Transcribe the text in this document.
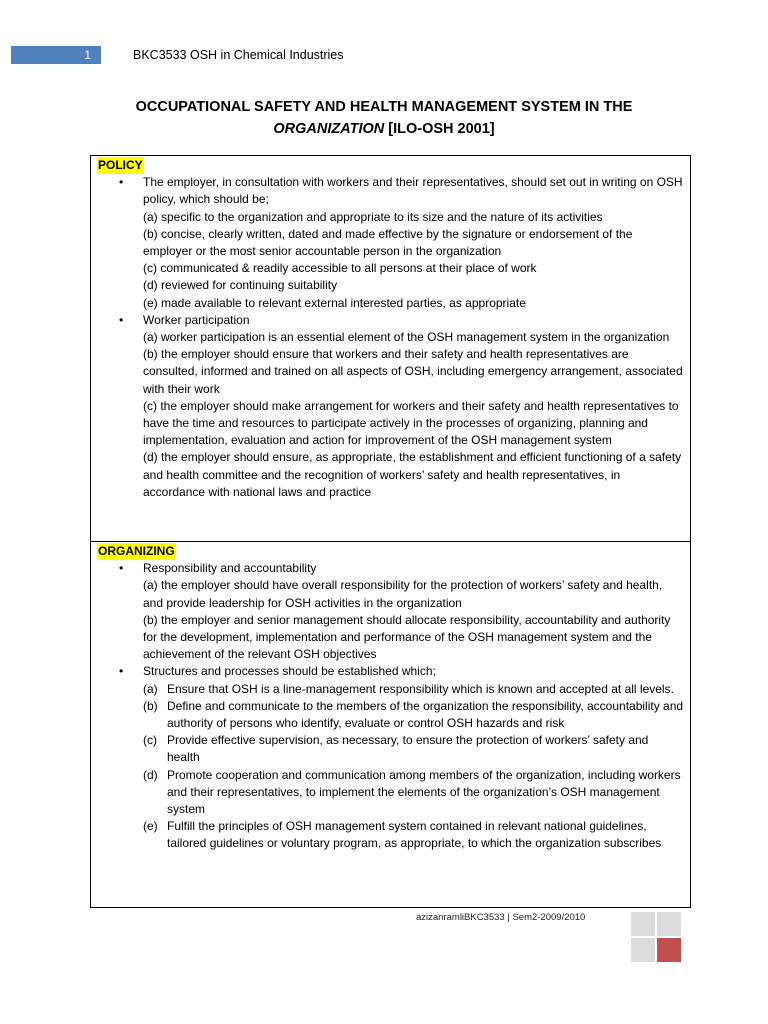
1	BKC3533 OSH in Chemical Industries
OCCUPATIONAL SAFETY AND HEALTH MANAGEMENT SYSTEM IN THE
ORGANIZATION [ILO-OSH 2001]
POLICY
• The employer, in consultation with workers and their representatives, should set out in writing on OSH policy, which should be;
(a) specific to the organization and appropriate to its size and the nature of its activities
(b) concise, clearly written, dated and made effective by the signature or endorsement of the employer or the most senior accountable person in the organization
(c) communicated & readily accessible to all persons at their place of work
(d) reviewed for continuing suitability
(e) made available to relevant external interested parties, as appropriate
• Worker participation
(a) worker participation is an essential element of the OSH management system in the organization
(b) the employer should ensure that workers and their safety and health representatives are consulted, informed and trained on all aspects of OSH, including emergency arrangement, associated with their work
(c) the employer should make arrangement for workers and their safety and health representatives to have the time and resources to participate actively in the processes of organizing, planning and implementation, evaluation and action for improvement of the OSH management system
(d) the employer should ensure, as appropriate, the establishment and efficient functioning of a safety and health committee and the recognition of workers’ safety and health representatives, in accordance with national laws and practice
ORGANIZING
• Responsibility and accountability
(a) the employer should have overall responsibility for the protection of workers’ safety and health, and provide leadership for OSH activities in the organization
(b) the employer and senior management should allocate responsibility, accountability and authority for the development, implementation and performance of the OSH management system and the achievement of the relevant OSH objectives
• Structures and processes should be established which;
(a) Ensure that OSH is a line-management responsibility which is known and accepted at all levels.
(b) Define and communicate to the members of the organization the responsibility, accountability and authority of persons who identify, evaluate or control OSH hazards and risk
(c) Provide effective supervision, as necessary, to ensure the protection of workers’ safety and health
(d) Promote cooperation and communication among members of the organization, including workers and their representatives, to implement the elements of the organization’s OSH management system
(e) Fulfill the principles of OSH management system contained in relevant national guidelines, tailored guidelines or voluntary program, as appropriate, to which the organization subscribes
azizanramliBKC3533 | Sem2-2009/2010
